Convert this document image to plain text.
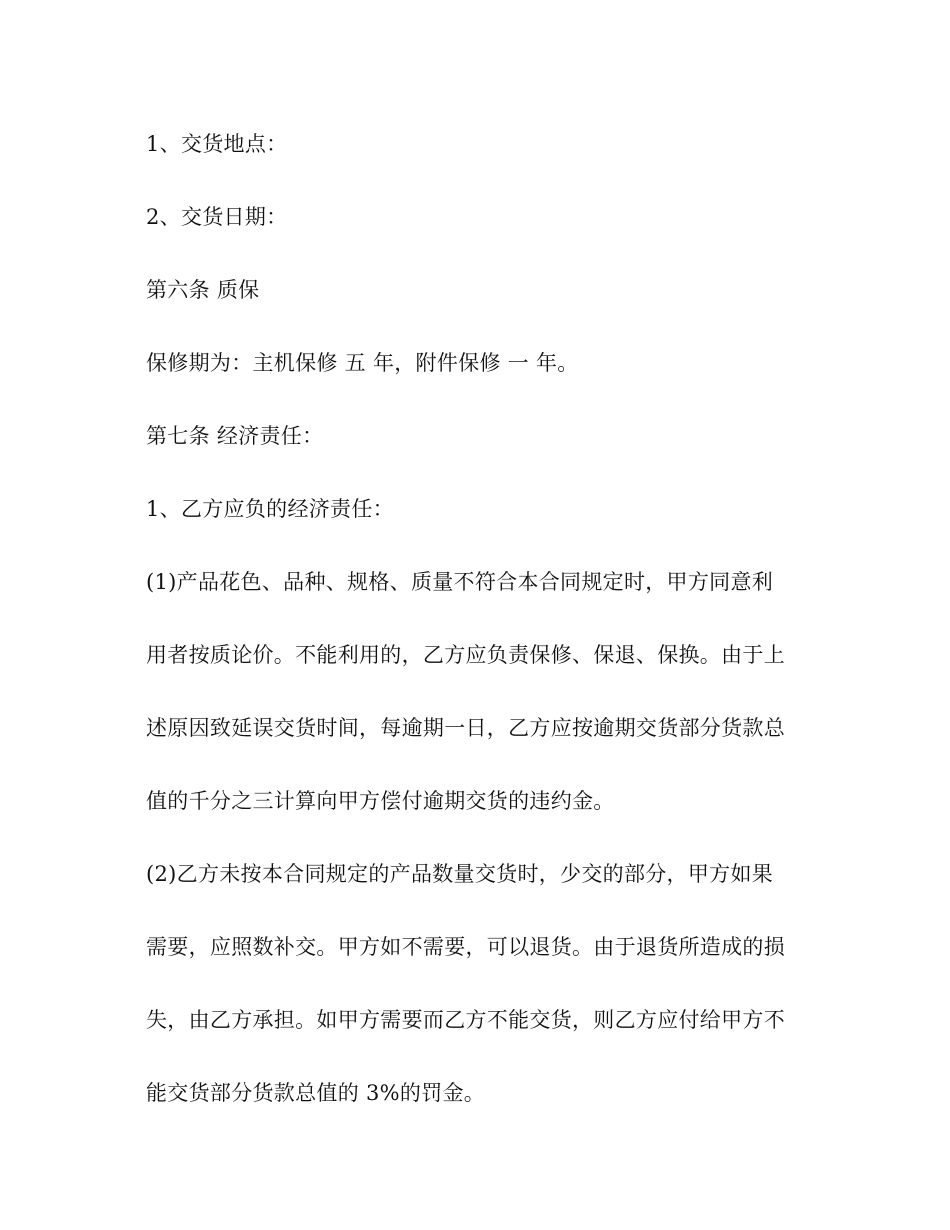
1、交货地点：

2、交货日期：

第六条 质保

保修期为：主机保修 五 年，附件保修 一 年。

第七条 经济责任：

1、乙方应负的经济责任：

(1)产品花色、品种、规格、质量不符合本合同规定时，甲方同意利

用者按质论价。不能利用的，乙方应负责保修、保退、保换。由于上

述原因致延误交货时间，每逾期一日，乙方应按逾期交货部分货款总

值的千分之三计算向甲方偿付逾期交货的违约金。

(2)乙方未按本合同规定的产品数量交货时，少交的部分，甲方如果

需要，应照数补交。甲方如不需要，可以退货。由于退货所造成的损

失，由乙方承担。如甲方需要而乙方不能交货，则乙方应付给甲方不

能交货部分货款总值的 3%的罚金。
